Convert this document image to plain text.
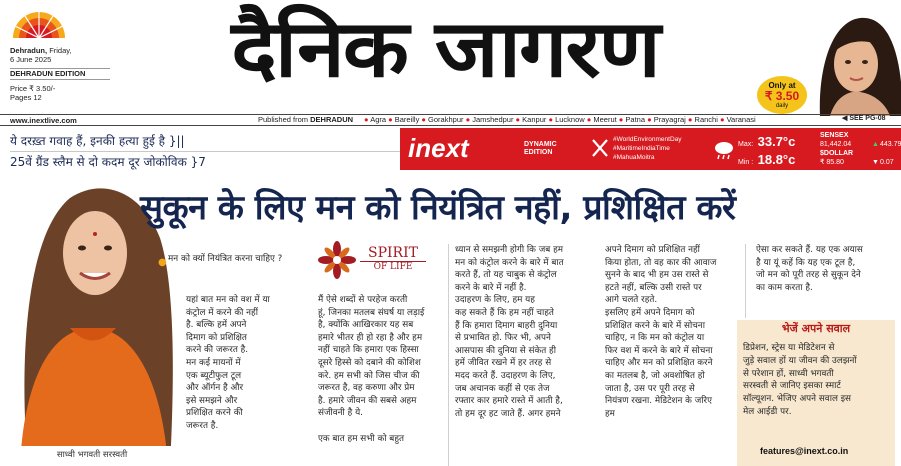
Dehradun, Friday,
6 June 2025
DEHRADUN EDITION
Price ₹ 3.50/-
Pages 12
www.inextlive.com
दैनिक जागरण	Only at
₹ 3.50
daily
◀ SEE PG-08
Published from DEHRADUN ● Agra ● Bareilly ● Gorakhpur ● Jamshedpur ● Kanpur ● Lucknow ● Meerut ● Patna ● Prayagraj ● Ranchi ● Varanasi
ये दरख़्त गवाह हैं, इनकी हत्या हुई है }||
25वें ग्रैंड स्लैम से दो कदम दूर जोकोविक }7	inext	DYNAMIC
EDITION
#WorldEnvironmentDay
#MaritimeIndiaTime
#MahuaMoitra
Max: 33.7°c
Min : 18.8°c
SENSEX
81,442.04	▲ 443.79
$DOLLAR
₹ 85.80	▼ 0.07
साध्वी भगवती सरस्वती
सुकून के लिए मन को नियंत्रित नहीं, प्रशिक्षित करें
● मन को क्यों नियंत्रित करना चाहिए ?	SPIRIT
OF LIFE
यहां बात मन को वश में या
कंट्रोल में करने की नहीं
है. बल्कि हमें अपने
दिमाग को प्रशिक्षित
करने की जरूरत है.
मन कई मायनों में
एक ब्यूटीफुल टूल
और ऑर्गन है और
इसे समझने और
प्रशिक्षित करने की
जरूरत है.
मैं ऐसे शब्दों से परहेज करती
हूं, जिनका मतलब संघर्ष या लड़ाई
है, क्योंकि आखिरकार यह सब
हमारे भीतर ही हो रहा है और हम
नहीं चाहते कि हमारा एक हिस्सा
दूसरे हिस्से को दबाने की कोशिश
करे. हम सभी को जिस चीज की
जरूरत है, वह करुणा और प्रेम
है. हमारे जीवन की सबसे अहम
संजीवनी है ये.

एक बात हम सभी को बहुत
ध्यान से समझनी होगी कि जब हम
मन को कंट्रोल करने के बारे में बात
करते हैं, तो यह चाबुक से कंट्रोल
करने के बारे में नहीं है.
उदाहरण के लिए, हम यह
कह सकते हैं कि हम नहीं चाहते
हैं कि हमारा दिमाग बाहरी दुनिया
से प्रभावित हो. फिर भी, अपने
आसपास की दुनिया से संकेत ही
हमें जीवित रखने में हर तरह से
मदद करते हैं. उदाहरण के लिए,
जब अचानक कहीं से एक तेज
रफ्तार कार हमारे रास्ते में आती है,
तो हम दूर हट जाते हैं. अगर हमने
अपने दिमाग को प्रशिक्षित नहीं
किया होता, तो वह कार की आवाज
सुनने के बाद भी हम उस रास्ते से
हटते नहीं, बल्कि उसी रास्ते पर
आगे चलते रहते.
इसलिए हमें अपने दिमाग को
प्रशिक्षित करने के बारे में सोचना
चाहिए, न कि मन को कंट्रोल या
फिर वश में करने के बारे में सोचना
चाहिए और मन को प्रशिक्षित करने
का मतलब है, जो अवशोषित हो
जाता है, उस पर पूरी तरह से
नियंत्रण रखना. मेडिटेशन के जरिए
हम
ऐसा कर सकते हैं. यह एक अयास
है या यूं कहें कि यह एक टूल है,
जो मन को पूरी तरह से सुकून देने
का काम करता है.
भेजें अपने सवाल
डिप्रेशन, स्ट्रेस या मेडिटेशन से
जुड़े सवाल हों या जीवन की उलझनों
से परेशान हों, साध्वी भगवती
सरस्वती से जानिए इसका स्मार्ट
सॉल्यूशन. भेजिए अपने सवाल इस
मेल आईडी पर.
features@inext.co.in
